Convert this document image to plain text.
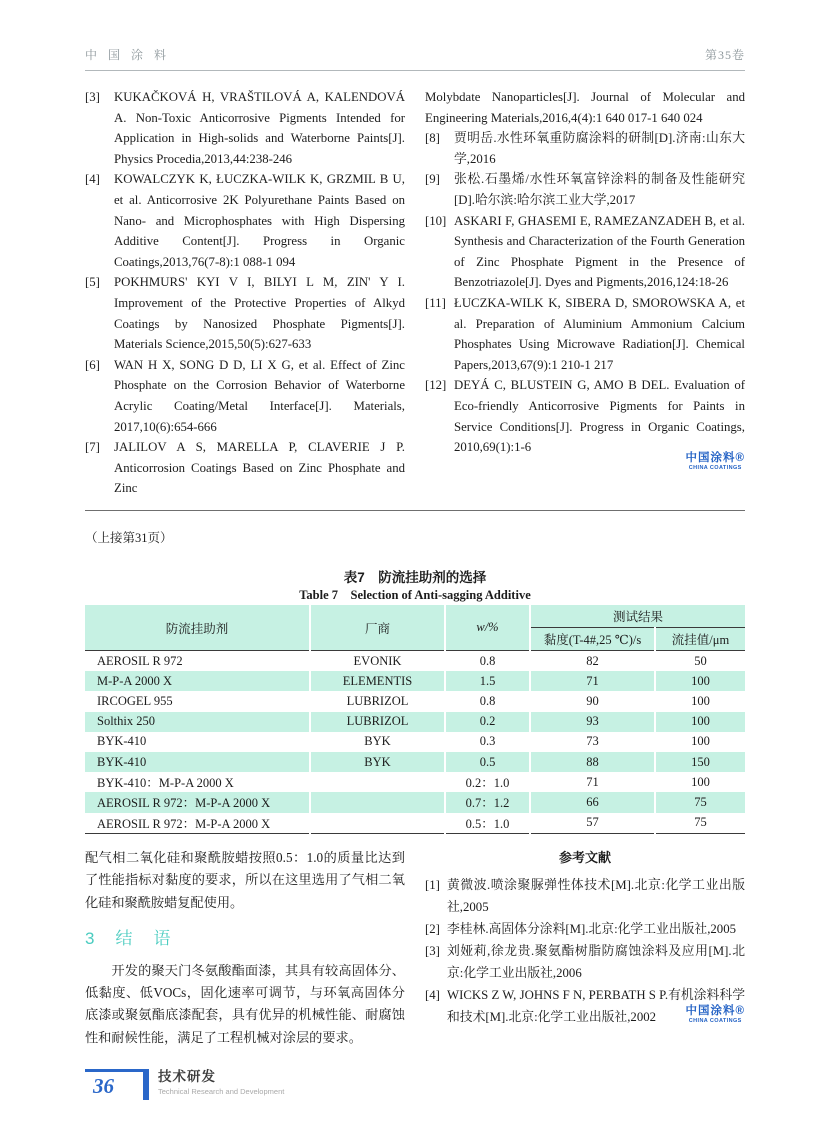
中 国 涂 料	第35卷
[3] KUKAČKOVÁ H, VRAŠTILOVÁ A, KALENDOVÁ A. Non-Toxic Anticorrosive Pigments Intended for Application in High-solids and Waterborne Paints[J]. Physics Procedia,2013,44:238-246
[4] KOWALCZYK K, ŁUCZKA-WILK K, GRZMIL B U, et al. Anticorrosive 2K Polyurethane Paints Based on Nano- and Microphosphates with High Dispersing Additive Content[J]. Progress in Organic Coatings,2013,76(7-8):1 088-1 094
[5] POKHMURS' KYI V I, BILYI L M, ZIN' Y I. Improvement of the Protective Properties of Alkyd Coatings by Nanosized Phosphate Pigments[J]. Materials Science,2015,50(5):627-633
[6] WAN H X, SONG D D, LI X G, et al. Effect of Zinc Phosphate on the Corrosion Behavior of Waterborne Acrylic Coating/Metal Interface[J]. Materials, 2017,10(6):654-666
[7] JALILOV A S, MARELLA P, CLAVERIE J P. Anticorrosion Coatings Based on Zinc Phosphate and Zinc
Molybdate Nanoparticles[J]. Journal of Molecular and Engineering Materials,2016,4(4):1 640 017-1 640 024
[8] 贾明岳.水性环氧重防腐涂料的研制[D].济南:山东大学,2016
[9] 张松.石墨烯/水性环氧富锌涂料的制备及性能研究[D].哈尔滨:哈尔滨工业大学,2017
[10] ASKARI F, GHASEMI E, RAMEZANZADEH B, et al. Synthesis and Characterization of the Fourth Generation of Zinc Phosphate Pigment in the Presence of Benzotriazole[J]. Dyes and Pigments,2016,124:18-26
[11] ŁUCZKA-WILK K, SIBERA D, SMOROWSKA A, et al. Preparation of Aluminium Ammonium Calcium Phosphates Using Microwave Radiation[J]. Chemical Papers,2013,67(9):1 210-1 217
[12] DEYÁ C, BLUSTEIN G, AMO B DEL. Evaluation of Eco-friendly Anticorrosive Pigments for Paints in Service Conditions[J]. Progress in Organic Coatings, 2010,69(1):1-6
中国涂料®
CHINA COATINGS
（上接第31页）
表7　防流挂助剂的选择
Table 7　Selection of Anti-sagging Additive
防流挂助剂	厂商	w/%	测试结果	
			黏度(T-4#,25 ℃)/s	流挂值/μm
AEROSIL R 972	EVONIK	0.8	82	50
M-P-A 2000 X	ELEMENTIS	1.5	71	100
IRCOGEL 955	LUBRIZOL	0.8	90	100
Solthix 250	LUBRIZOL	0.2	93	100
BYK-410	BYK	0.3	73	100
BYK-410	BYK	0.5	88	150
BYK-410：M-P-A 2000 X		0.2：1.0	71	100
AEROSIL R 972：M-P-A 2000 X		0.7：1.2	66	75
AEROSIL R 972：M-P-A 2000 X		0.5：1.0	57	75
配气相二氧化硅和聚酰胺蜡按照0.5：1.0的质量比达到了性能指标对黏度的要求，所以在这里选用了气相二氧化硅和聚酰胺蜡复配使用。
3　结　语
开发的聚天门冬氨酸酯面漆，其具有较高固体分、低黏度、低VOCs，固化速率可调节，与环氧高固体分底漆或聚氨酯底漆配套，具有优异的机械性能、耐腐蚀性和耐候性能，满足了工程机械对涂层的要求。
参考文献
[1] 黄微波.喷涂聚脲弹性体技术[M].北京:化学工业出版社,2005
[2] 李桂林.高固体分涂料[M].北京:化学工业出版社,2005
[3] 刘娅莉,徐龙贵.聚氨酯树脂防腐蚀涂料及应用[M].北京:化学工业出版社,2006
[4] WICKS Z W, JOHNS F N, PERBATH S P.有机涂料科学和技术[M].北京:化学工业出版社,2002	中国涂料®
CHINA COATINGS
36	技术研发
Technical Research and Development
